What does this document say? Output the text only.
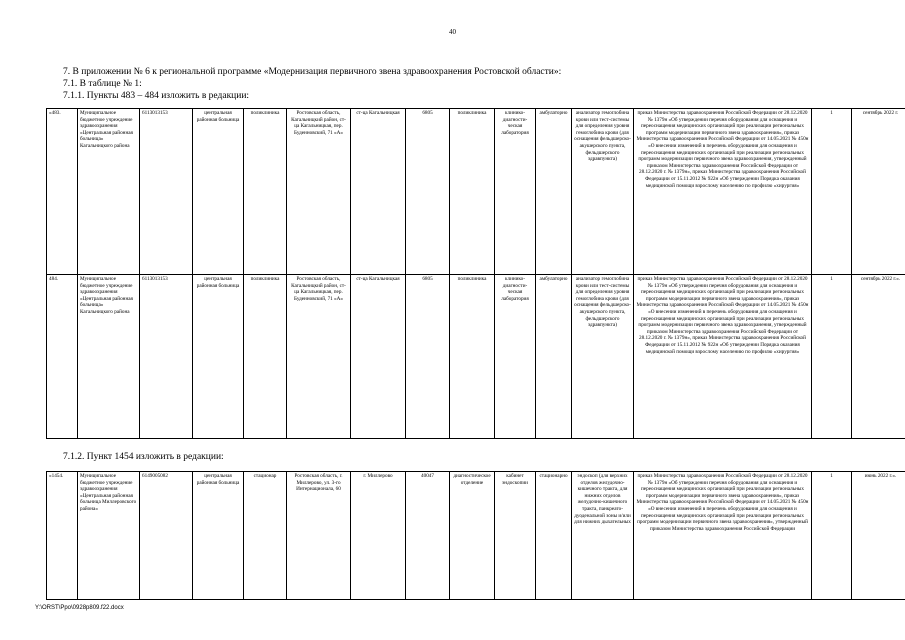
40
7. В приложении № 6 к региональной программе «Модернизация первичного звена здравоохранения Ростовской области»:
7.1. В таблице № 1:
7.1.1. Пункты 483 – 484 изложить в редакции:
«483.	Муниципальное бюджетное учреждение здравоохранения «Центральная районная больница» Кагальницкого района	6113013153	центральная районная больница	поликлиника	Ростовская область, Кагальницкий район, ст-ца Кагальницкая, пер. Буденновский, 71 «А»	ст-ца Кагальницкая	6805	поликлиника	клинико-диагностическая лаборатория	амбулаторно	анализатор гемоглобина крови или тест-системы для определения уровня гемоглобина крови (для оснащения фельдшерско-акушерского пункта, фельдшерского здравпункта)	приказ Министерства здравоохранения Российской Федерации от 28.12.2020 № 1379н «Об утверждении перечня оборудования для оснащения и переоснащения медицинских организаций при реализации региональных программ модернизации первичного звена здравоохранения», приказ Министерства здравоохранения Российской Федерации от 14.05.2021 № 450н «О внесении изменений в перечень оборудования для оснащения и переоснащения медицинских организаций при реализации региональных программ модернизации первичного звена здравоохранения, утвержденный приказом Министерства здравоохранения Российской Федерации от 28.12.2020 г. № 1379н», приказ Министерства здравоохранения Российской Федерации от 15.11.2012 № 922н «Об утверждении Порядка оказания медицинской помощи взрослому населению по профилю «хирургия»	1	сентябрь 2022 г.
484.	Муниципальное бюджетное учреждение здравоохранения «Центральная районная больница» Кагальницкого района	6113013153	центральная районная больница	поликлиника	Ростовская область, Кагальницкий район, ст-ца Кагальницкая, пер. Буденновский, 71 «А»	ст-ца Кагальницкая	6805	поликлиника	клинико-диагностическая лаборатория	амбулаторно	анализатор гемоглобина крови или тест-системы для определения уровня гемоглобина крови (для оснащения фельдшерско-акушерского пункта, фельдшерского здравпункта)	приказ Министерства здравоохранения Российской Федерации от 28.12.2020 № 1379н «Об утверждении перечня оборудования для оснащения и переоснащения медицинских организаций при реализации региональных программ модернизации первичного звена здравоохранения», приказ Министерства здравоохранения Российской Федерации от 14.05.2021 № 450н «О внесении изменений в перечень оборудования для оснащения и переоснащения медицинских организаций при реализации региональных программ модернизации первичного звена здравоохранения, утвержденный приказом Министерства здравоохранения Российской Федерации от 28.12.2020 г. № 1379н», приказ Министерства здравоохранения Российской Федерации от 15.11.2012 № 922н «Об утверждении Порядка оказания медицинской помощи взрослому населению по профилю «хирургия»	1	сентябрь 2022 г.».
7.1.2. Пункт 1454 изложить в редакции:
«1454.	Муниципальное бюджетное учреждение здравоохранения «Центральная районная больница Миллеровского района»	6149005082	центральная районная больница	стационар	Ростовская область, г. Миллерово, ул. 3-го Интернационала, 60	г. Миллерово	40047	диагностическое отделение	кабинет эндоскопии	стационарно	эндоскоп (для верхних отделов желудочно-кишечного тракта, для нижних отделов желудочно-кишечного тракта, панкреато-дуоденальной зоны и/или для нижних дыхательных	приказ Министерства здравоохранения Российской Федерации от 28.12.2020 № 1379н «Об утверждении перечня оборудования для оснащения и переоснащения медицинских организаций при реализации региональных программ модернизации первичного звена здравоохранения», приказ Министерства здравоохранения Российской Федерации от 14.05.2021 № 450н «О внесении изменений в перечень оборудования для оснащения и переоснащения медицинских организаций при реализации региональных программ модернизации первичного звена здравоохранения», утвержденный приказом Министерства здравоохранения Российской Федерации	1	июнь 2022 г.».
Y:\ORST\Ppo\0928p809.f22.docx
